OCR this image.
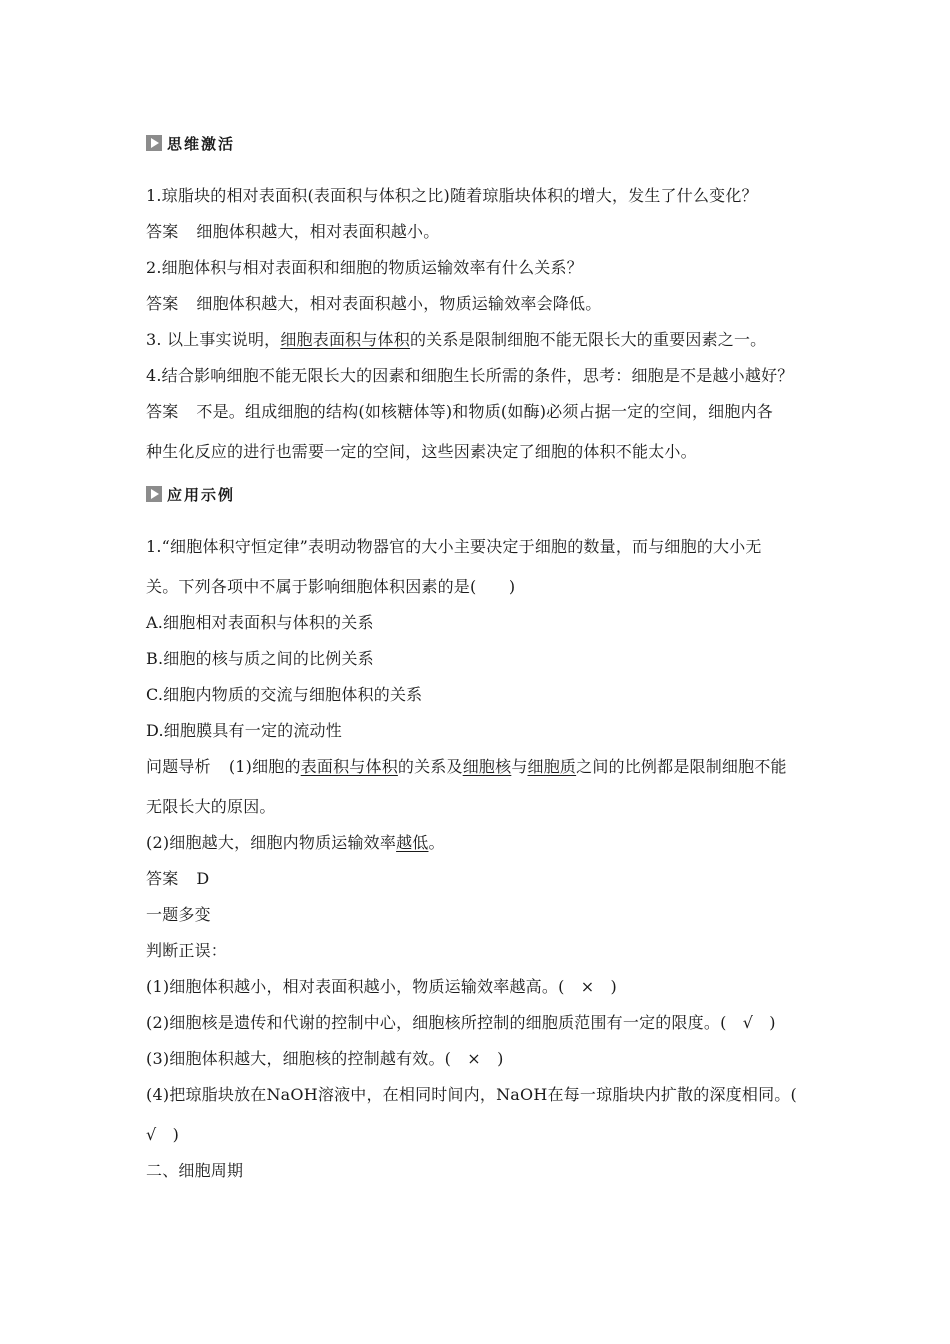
思维激活
1.琼脂块的相对表面积(表面积与体积之比)随着琼脂块体积的增大，发生了什么变化？
答案 细胞体积越大，相对表面积越小。
2.细胞体积与相对表面积和细胞的物质运输效率有什么关系？
答案 细胞体积越大，相对表面积越小，物质运输效率会降低。
3. 以上事实说明，细胞表面积与体积的关系是限制细胞不能无限长大的重要因素之一。
4.结合影响细胞不能无限长大的因素和细胞生长所需的条件，思考：细胞是不是越小越好？
答案 不是。组成细胞的结构(如核糖体等)和物质(如酶)必须占据一定的空间，细胞内各
种生化反应的进行也需要一定的空间，这些因素决定了细胞的体积不能太小。
应用示例
1.“细胞体积守恒定律”表明动物器官的大小主要决定于细胞的数量，而与细胞的大小无
关。下列各项中不属于影响细胞体积因素的是(　　)
A.细胞相对表面积与体积的关系
B.细胞的核与质之间的比例关系
C.细胞内物质的交流与细胞体积的关系
D.细胞膜具有一定的流动性
问题导析 (1)细胞的表面积与体积的关系及细胞核与细胞质之间的比例都是限制细胞不能
无限长大的原因。
(2)细胞越大，细胞内物质运输效率越低。
答案 D
一题多变
判断正误：
(1)细胞体积越小，相对表面积越小，物质运输效率越高。(　×　)
(2)细胞核是遗传和代谢的控制中心，细胞核所控制的细胞质范围有一定的限度。(　√　)
(3)细胞体积越大，细胞核的控制越有效。(　×　)
(4)把琼脂块放在NaOH溶液中，在相同时间内，NaOH在每一琼脂块内扩散的深度相同。(
√　)
二、细胞周期
